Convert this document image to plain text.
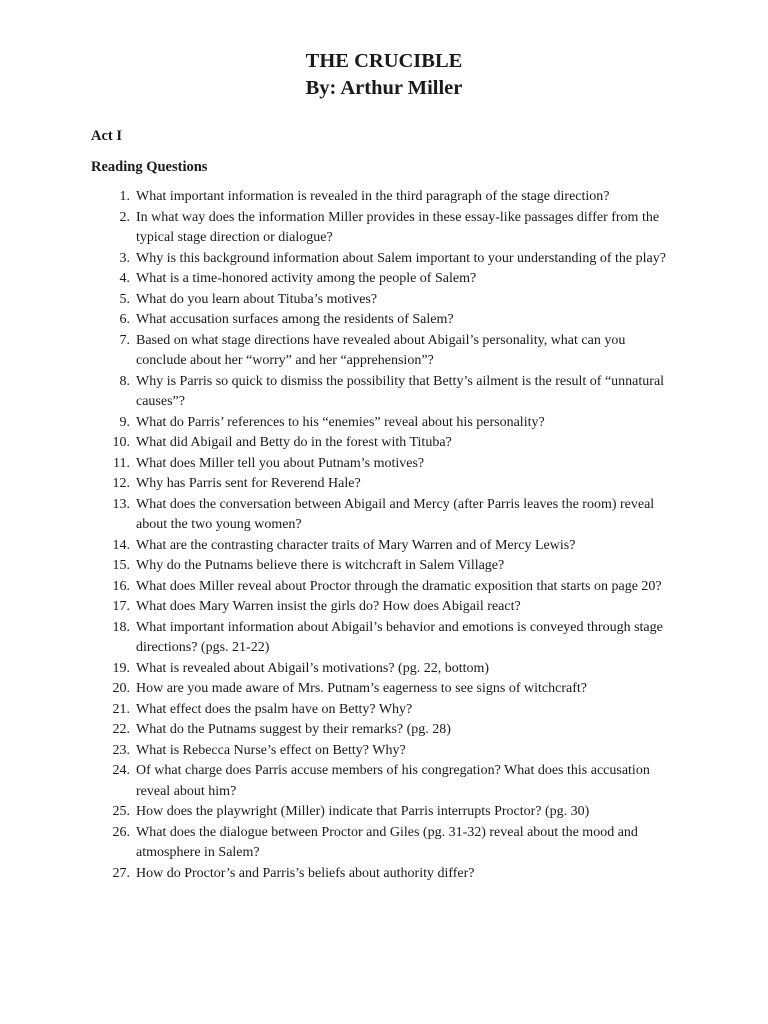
THE CRUCIBLE
By: Arthur Miller

Act I

Reading Questions

1. What important information is revealed in the third paragraph of the stage direction?
2. In what way does the information Miller provides in these essay-like passages differ from the typical stage direction or dialogue?
3. Why is this background information about Salem important to your understanding of the play?
4. What is a time-honored activity among the people of Salem?
5. What do you learn about Tituba’s motives?
6. What accusation surfaces among the residents of Salem?
7. Based on what stage directions have revealed about Abigail’s personality, what can you conclude about her “worry” and her “apprehension”?
8. Why is Parris so quick to dismiss the possibility that Betty’s ailment is the result of “unnatural causes”?
9. What do Parris’ references to his “enemies” reveal about his personality?
10. What did Abigail and Betty do in the forest with Tituba?
11. What does Miller tell you about Putnam’s motives?
12. Why has Parris sent for Reverend Hale?
13. What does the conversation between Abigail and Mercy (after Parris leaves the room) reveal about the two young women?
14. What are the contrasting character traits of Mary Warren and of Mercy Lewis?
15. Why do the Putnams believe there is witchcraft in Salem Village?
16. What does Miller reveal about Proctor through the dramatic exposition that starts on page 20?
17. What does Mary Warren insist the girls do? How does Abigail react?
18. What important information about Abigail’s behavior and emotions is conveyed through stage directions? (pgs. 21-22)
19. What is revealed about Abigail’s motivations? (pg. 22, bottom)
20. How are you made aware of Mrs. Putnam’s eagerness to see signs of witchcraft?
21. What effect does the psalm have on Betty? Why?
22. What do the Putnams suggest by their remarks? (pg. 28)
23. What is Rebecca Nurse’s effect on Betty? Why?
24. Of what charge does Parris accuse members of his congregation? What does this accusation reveal about him?
25. How does the playwright (Miller) indicate that Parris interrupts Proctor? (pg. 30)
26. What does the dialogue between Proctor and Giles (pg. 31-32) reveal about the mood and atmosphere in Salem?
27. How do Proctor’s and Parris’s beliefs about authority differ?
